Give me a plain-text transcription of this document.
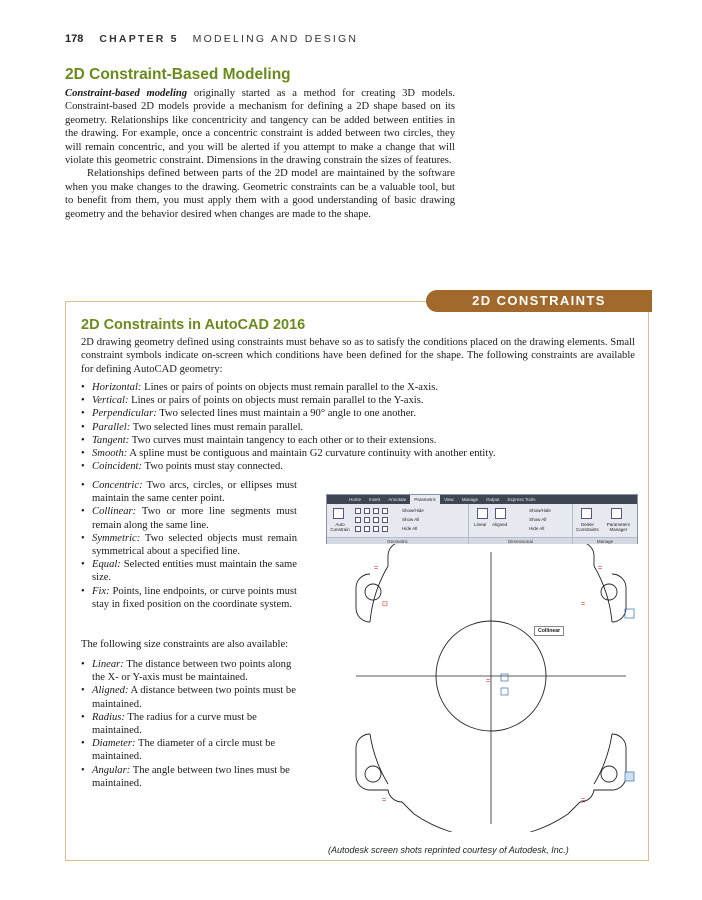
178 CHAPTER 5 MODELING AND DESIGN
2D Constraint-Based Modeling

Constraint-based modeling originally started as a method for creating 3D models. Constraint-based 2D models provide a mechanism for defining a 2D shape based on its geometry. Relationships like concentricity and tangency can be added between entities in the drawing. For example, once a concentric constraint is added between two circles, they will remain concentric, and you will be alerted if you attempt to make a change that will violate this geometric constraint. Dimensions in the drawing constrain the sizes of features.

Relationships defined between parts of the 2D model are maintained by the software when you make changes to the drawing. Geometric constraints can be a valuable tool, but to benefit from them, you must apply them with a good understanding of basic drawing geometry and the behavior desired when changes are made to the shape.

2D CONSTRAINTS
2D Constraints in AutoCAD 2016

2D drawing geometry defined using constraints must behave so as to satisfy the conditions placed on the drawing elements. Small constraint symbols indicate on-screen which conditions have been defined for the shape. The following constraints are available for defining AutoCAD geometry:

• Horizontal: Lines or pairs of points on objects must remain parallel to the X-axis.
• Vertical: Lines or pairs of points on objects must remain parallel to the Y-axis.
• Perpendicular: Two selected lines must maintain a 90° angle to one another.
• Parallel: Two selected lines must remain parallel.
• Tangent: Two curves must maintain tangency to each other or to their extensions.
• Smooth: A spline must be contiguous and maintain G2 curvature continuity with another entity.
• Coincident: Two points must stay connected.
• Concentric: Two arcs, circles, or ellipses must maintain the same center point.
• Collinear: Two or more line segments must remain along the same line.
• Symmetric: Two selected objects must remain symmetrical about a specified line.
• Equal: Selected entities must maintain the same size.
• Fix: Points, line endpoints, or curve points must stay in fixed position on the coordinate system.

The following size constraints are also available:

• Linear: The distance between two points along the X- or Y-axis must be maintained.
• Aligned: A distance between two points must be maintained.
• Radius: The radius for a curve must be maintained.
• Diameter: The diameter of a circle must be maintained.
• Angular: The angle between two lines must be maintained.
Home	Insert	Annotate	Parametric	View	Manage	Output	Express Tools
Auto Constrain
Show/Hide
Show All
Hide All
Linear Aligned
Show/Hide
Show All
Hide All
Delete Constraints
Parameters Manager
Geometric	Dimensional	Manage
=	=
=
⊡
=
=	=

(Autodesk screen shots reprinted courtesy of Autodesk, Inc.)

Collinear
